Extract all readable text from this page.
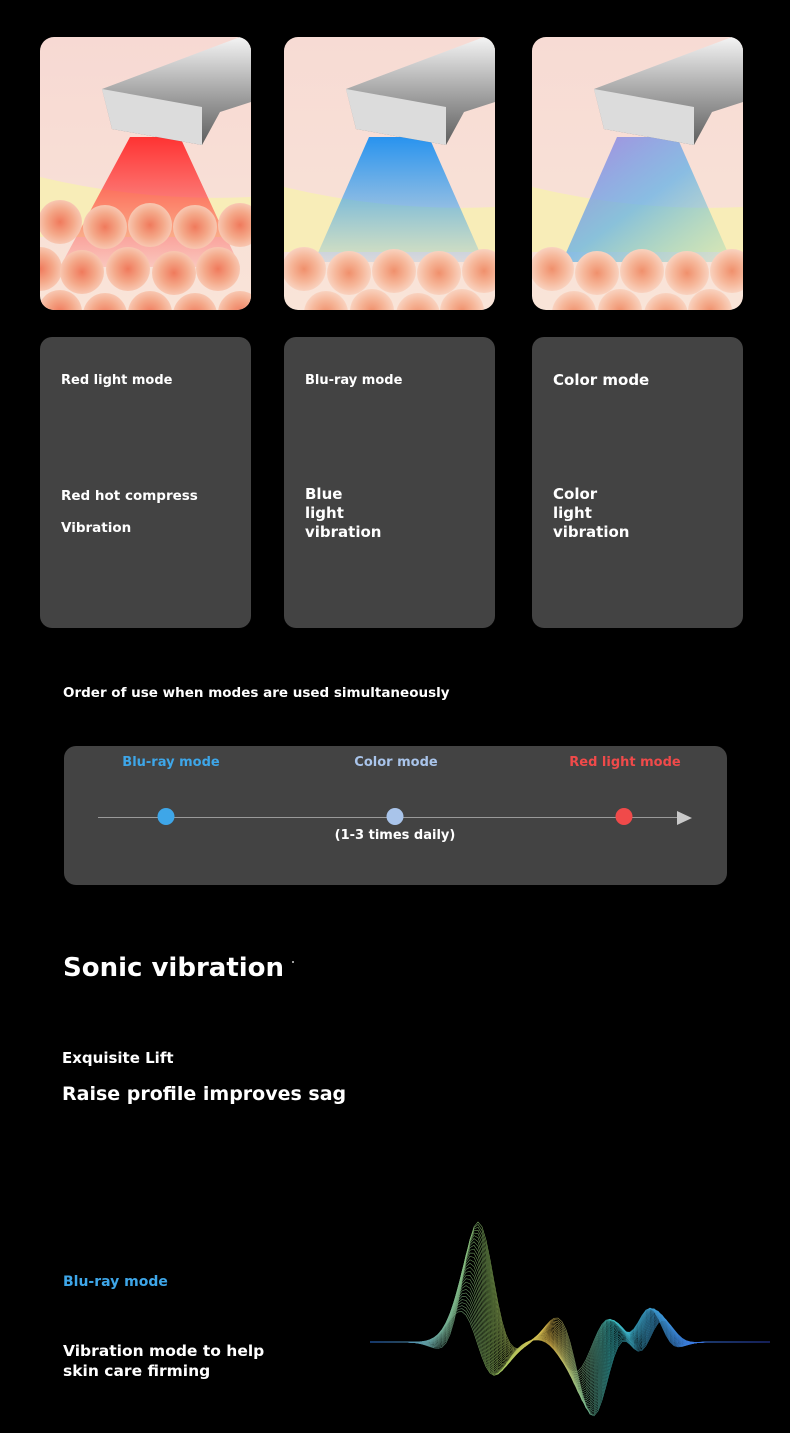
Red light mode
Red hot compress
Vibration
Blu-ray mode
Blue
light
vibration
Color mode
Color
light
vibration
Order of use when modes are used simultaneously
Blu-ray mode	Color mode	Red light mode
(1-3 times daily)
Sonic vibration
Exquisite Lift
Raise profile improves sag
Blu-ray mode
Vibration mode to help
skin care firming
